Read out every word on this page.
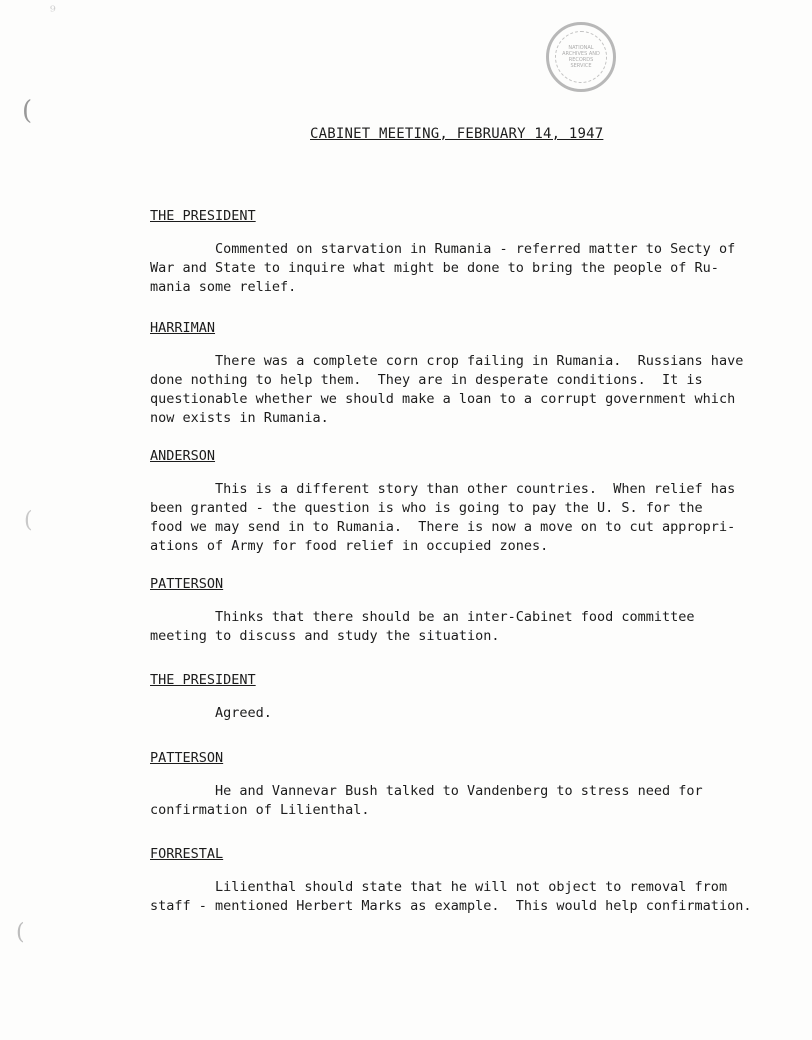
⁹
(
(
(
NATIONAL
ARCHIVES AND
RECORDS
SERVICE
CABINET MEETING, FEBRUARY 14, 1947

THE PRESIDENT

Commented on starvation in Rumania - referred matter to Secty of
War and State to inquire what might be done to bring the people of Ru-
mania some relief.

HARRIMAN

There was a complete corn crop failing in Rumania.  Russians have
done nothing to help them.  They are in desperate conditions.  It is
questionable whether we should make a loan to a corrupt government which
now exists in Rumania.

ANDERSON

This is a different story than other countries.  When relief has
been granted - the question is who is going to pay the U. S. for the
food we may send in to Rumania.  There is now a move on to cut appropri-
ations of Army for food relief in occupied zones.

PATTERSON

Thinks that there should be an inter-Cabinet food committee
meeting to discuss and study the situation.

THE PRESIDENT

Agreed.

PATTERSON

He and Vannevar Bush talked to Vandenberg to stress need for
confirmation of Lilienthal.

FORRESTAL

Lilienthal should state that he will not object to removal from
staff - mentioned Herbert Marks as example.  This would help confirmation.
